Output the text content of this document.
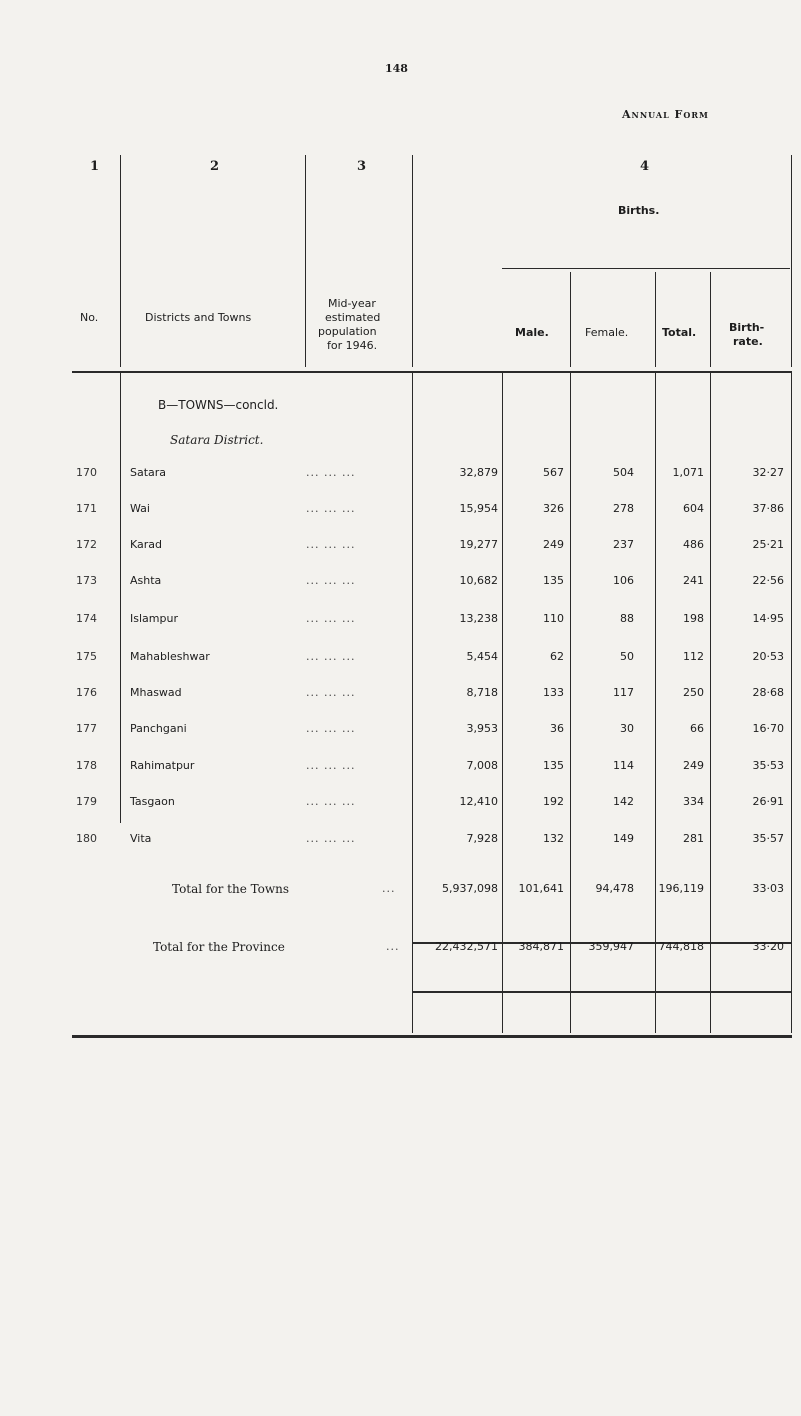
148
Annual Form
1	2	3	4
No.	Districts and Towns
Mid-year
estimated
population
for 1946.
Births.
Male.	Female.	Total.	Birth-
rate.
B—TOWNS—concld.
Satara District.
170	Satara	... ... ...	32,879	567	504	1,071	32·27
171	Wai	... ... ...	15,954	326	278	604	37·86
172	Karad	... ... ...	19,277	249	237	486	25·21
173	Ashta	... ... ...	10,682	135	106	241	22·56
174	Islampur	... ... ...	13,238	110	88	198	14·95
175	Mahableshwar	... ... ...	5,454	62	50	112	20·53
176	Mhaswad	... ... ...	8,718	133	117	250	28·68
177	Panchgani	... ... ...	3,953	36	30	66	16·70
178	Rahimatpur	... ... ...	7,008	135	114	249	35·53
179	Tasgaon	... ... ...	12,410	192	142	334	26·91
180	Vita	... ... ...	7,928	132	149	281	35·57
Total for the Towns	...	5,937,098	101,641	94,478	196,119	33·03
Total for the Province	...	22,432,571	384,871	359,947	744,818	33·20
